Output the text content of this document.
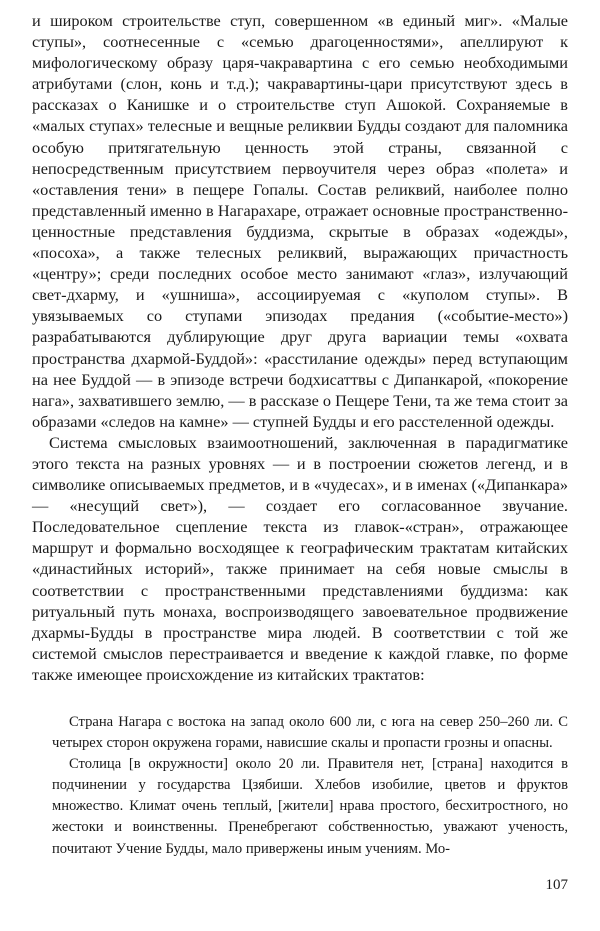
и широком строительстве ступ, совершенном «в единый миг». «Малые ступы», соотнесенные с «семью драгоценностями», апеллируют к мифологическому образу царя-чакравартина с его семью необходимыми атрибутами (слон, конь и т.д.); чакравартины-цари присутствуют здесь в рассказах о Канишке и о строительстве ступ Ашокой. Сохраняемые в «малых ступах» телесные и вещные реликвии Будды создают для паломника особую притягательную ценность этой страны, связанной с непосредственным присутствием первоучителя через образ «полета» и «оставления тени» в пещере Гопалы. Состав реликвий, наиболее полно представленный именно в Нагарахаре, отражает основные пространственно-ценностные представления буддизма, скрытые в образах «одежды», «посоха», а также телесных реликвий, выражающих причастность «центру»; среди последних особое место занимают «глаз», излучающий свет-дхарму, и «ушниша», ассоциируемая с «куполом ступы». В увязываемых со ступами эпизодах предания («событие-место») разрабатываются дублирующие друг друга вариации темы «охвата пространства дхармой-Буддой»: «расстилание одежды» перед вступающим на нее Буддой — в эпизоде встречи бодхисаттвы с Дипанкарой, «покорение нага», захватившего землю, — в рассказе о Пещере Тени, та же тема стоит за образами «следов на камне» — ступней Будды и его расстеленной одежды.

Система смысловых взаимоотношений, заключенная в парадигматике этого текста на разных уровнях — и в построении сюжетов легенд, и в символике описываемых предметов, и в «чудесах», и в именах («Дипанкара» — «несущий свет»), — создает его согласованное звучание. Последовательное сцепление текста из главок-«стран», отражающее маршрут и формально восходящее к географическим трактатам китайских «династийных историй», также принимает на себя новые смыслы в соответствии с пространственными представлениями буддизма: как ритуальный путь монаха, воспроизводящего завоевательное продвижение дхармы-Будды в пространстве мира людей. В соответствии с той же системой смыслов перестраивается и введение к каждой главке, по форме также имеющее происхождение из китайских трактатов:

Страна Нагара с востока на запад около 600 ли, с юга на север 250–260 ли. С четырех сторон окружена горами, нависшие скалы и пропасти грозны и опасны.

Столица [в окружности] около 20 ли. Правителя нет, [страна] находится в подчинении у государства Цзябиши. Хлебов изобилие, цветов и фруктов множество. Климат очень теплый, [жители] нрава простого, бесхитростного, но жестоки и воинственны. Пренебрегают собственностью, уважают ученость, почитают Учение Будды, мало привержены иным учениям. Мо-

107
